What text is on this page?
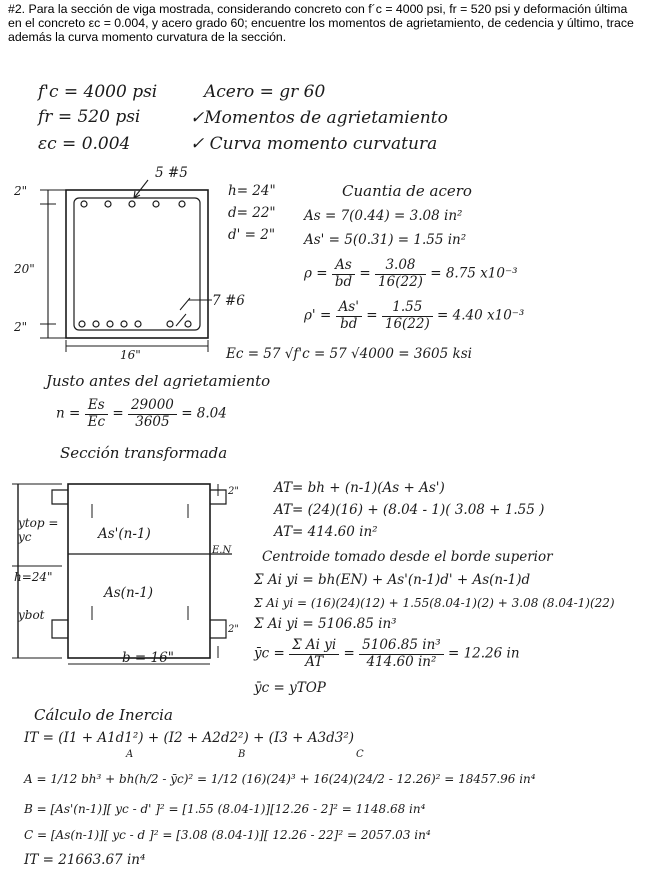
#2. Para la sección de viga mostrada, considerando concreto con f´c = 4000 psi, fr = 520 psi y deformación última en el concreto εc = 0.004, y acero grado 60; encuentre los momentos de agrietamiento, de cedencia y último, trace además la curva momento curvatura de la sección.
f'c = 4000 psi
fr = 520 psi
εc = 0.004
Acero = gr 60
✓Momentos de agrietamiento
✓ Curva momento curvatura
5 #5
7 #6
2"
20"
2"
16"
h= 24"
d= 22"
d' = 2"
Cuantia de acero
As = 7(0.44) = 3.08 in²
As' = 5(0.31) = 1.55 in²
$\rho = \frac{As}{bd} = \frac{3.08}{16(22)} = 8.75$ x10⁻³
$\rho' = \frac{As'}{bd} = \frac{1.55}{16(22)} = 4.40$ x10⁻³
Ec = 57 √f'c = 57 √4000 = 3605 ksi
Justo antes del agrietamiento
$n = \frac{Es}{Ec} = \frac{29000}{3605} = 8.04$
Sección transformada
ytop =
yc
h=24"
ybot
As'(n-1)
As(n-1)
E.N
2"
2"
b = 16"
AT= bh + (n-1)(As + As')
AT= (24)(16) + (8.04 - 1)( 3.08 + 1.55 )
AT= 414.60 in²
Centroide tomado desde el borde superior
Σ Ai yi = bh(EN) + As'(n-1)d' + As(n-1)d
Σ Ai yi = (16)(24)(12) + 1.55(8.04-1)(2) + 3.08 (8.04-1)(22)
Σ Ai yi = 5106.85 in³
ȳc = $\frac{\text{Σ Ai yi}}{AT} = \frac{\text{5106.85 in³}}{\text{414.60 in²}} = 12.26$ in
ȳc = yTOP
Cálculo de Inercia
IT = (I1 + A1d1²) + (I2 + A2d2²) + (I3 + A3d3²)
A	B	C
A = 1/12 bh³ + bh(h/2 - ȳc)² = 1/12 (16)(24)³ + 16(24)(24/2 - 12.26)² = 18457.96 in⁴
B = [As'(n-1)][ yc - d' ]² = [1.55 (8.04-1)][12.26 - 2]² = 1148.68 in⁴
C = [As(n-1)][ yc - d ]² = [3.08 (8.04-1)][ 12.26 - 22]² = 2057.03 in⁴
IT = 21663.67 in⁴
